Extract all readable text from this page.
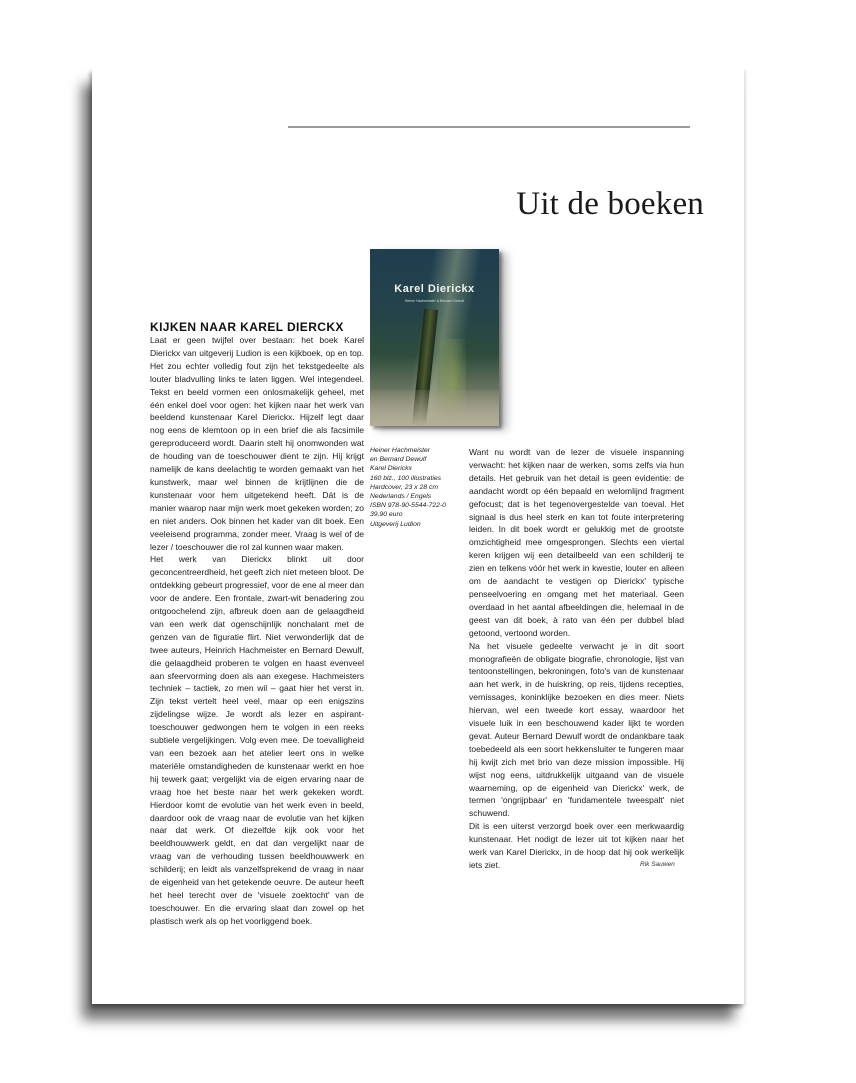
Uit de boeken
Karel Dierickx
Heiner Hachmeister & Bernard Dewulf
KIJKEN NAAR KAREL DIERCKX

Laat er geen twijfel over bestaan: het boek Karel Dierickx van uitgeverij Ludion is een kijkboek, op en top. Het zou echter volledig fout zijn het tekstgedeelte als louter bladvulling links te laten liggen. Wel integendeel. Tekst en beeld vormen een onlosmakelijk geheel, met één enkel doel voor ogen: het kijken naar het werk van beeldend kunstenaar Karel Dierickx. Hijzelf legt daar nog eens de klemtoon op in een brief die als facsimile gereproduceerd wordt. Daarin stelt hij onomwonden wat de houding van de toeschouwer dient te zijn. Hij krijgt namelijk de kans deelachtig te worden gemaakt van het kunstwerk, maar wel binnen de krijtlijnen die de kunstenaar voor hem uitgetekend heeft. Dát is de manier waarop naar mijn werk moet gekeken worden; zo en niet anders. Ook binnen het kader van dit boek. Een veeleisend programma, zonder meer. Vraag is wel of de lezer / toeschouwer die rol zal kunnen waar maken.

Het werk van Dierickx blinkt uit door geconcentreerdheid, het geeft zich niet meteen bloot. De ontdekking gebeurt progressief, voor de ene al meer dan voor de andere. Een frontale, zwart-wit benadering zou ontgoochelend zijn, afbreuk doen aan de gelaagdheid van een werk dat ogenschijnlijk nonchalant met de genzen van de figuratie flirt. Niet verwonderlijk dat de twee auteurs, Heinrich Hachmeister en Bernard Dewulf, die gelaagdheid proberen te volgen en haast evenveel aan sfeervorming doen als aan exegese. Hachmeisters techniek – tactiek, zo men wil – gaat hier het verst in. Zijn tekst vertelt heel veel, maar op een enigszins zijdelingse wijze. Je wordt als lezer en aspirant-toeschouwer gedwongen hem te volgen in een reeks subtiele vergelijkingen. Volg even mee. De toevalligheid van een bezoek aan het atelier leert ons in welke materiële omstandigheden de kunstenaar werkt en hoe hij tewerk gaat; vergelijkt via de eigen ervaring naar de vraag hoe het beste naar het werk gekeken wordt. Hierdoor komt de evolutie van het werk even in beeld, daardoor ook de vraag naar de evolutie van het kijken naar dat werk. Of diezelfde kijk ook voor het beeldhouwwerk geldt, en dat dan vergelijkt naar de vraag van de verhouding tussen beeldhouwwerk en schilderij; en leidt als vanzelfsprekend de vraag in naar de eigenheid van het getekende oeuvre. De auteur heeft het heel terecht over de 'visuele zoektocht' van de toeschouwer. En die ervaring slaat dan zowel op het plastisch werk als op het voorliggend boek.

Heiner Hachmeister
en Bernard Dewulf
Karel Dierickx
160 blz., 100 illustraties
Hardcover, 23 x 28 cm
Nederlands / Engels
ISBN 978-90-5544-722-0
39,90 euro
Uitgeverij Ludion

Want nu wordt van de lezer de visuele inspanning verwacht: het kijken naar de werken, soms zelfs via hun details. Het gebruik van het detail is geen evidentie: de aandacht wordt op één bepaald en welomlijnd fragment gefocust; dat is het tegenovergestelde van toeval. Het signaal is dus heel sterk en kan tot foute interpretering leiden. In dit boek wordt er gelukkig met de grootste omzichtigheid mee omgesprongen. Slechts een viertal keren krijgen wij een detailbeeld van een schilderij te zien en telkens vóór het werk in kwestie, louter en alleen om de aandacht te vestigen op Dierickx' typische penseelvoering en omgang met het materiaal. Geen overdaad in het aantal afbeeldingen die, helemaal in de geest van dit boek, à rato van één per dubbel blad getoond, vertoond worden.

Na het visuele gedeelte verwacht je in dit soort monografieën de obligate biografie, chronologie, lijst van tentoonstellingen, bekroningen, foto's van de kunstenaar aan het werk, in de huiskring, op reis, tijdens recepties, vernissages, koninklijke bezoeken en dies meer. Niets hiervan, wel een tweede kort essay, waardoor het visuele luik in een beschouwend kader lijkt te worden gevat. Auteur Bernard Dewulf wordt de ondankbare taak toebedeeld als een soort hekkensluiter te fungeren maar hij kwijt zich met brio van deze mission impossible. Hij wijst nog eens, uitdrukkelijk uitgaand van de visuele waarneming, op de eigenheid van Dierickx' werk, de termen 'ongrijpbaar' en 'fundamentele tweespalt' niet schuwend.

Dit is een uiterst verzorgd boek over een merkwaardig kunstenaar. Het nodigt de lezer uit tot kijken naar het werk van Karel Dierickx, in de hoop dat hij ook werkelijk iets ziet.	Rik Sauwen
